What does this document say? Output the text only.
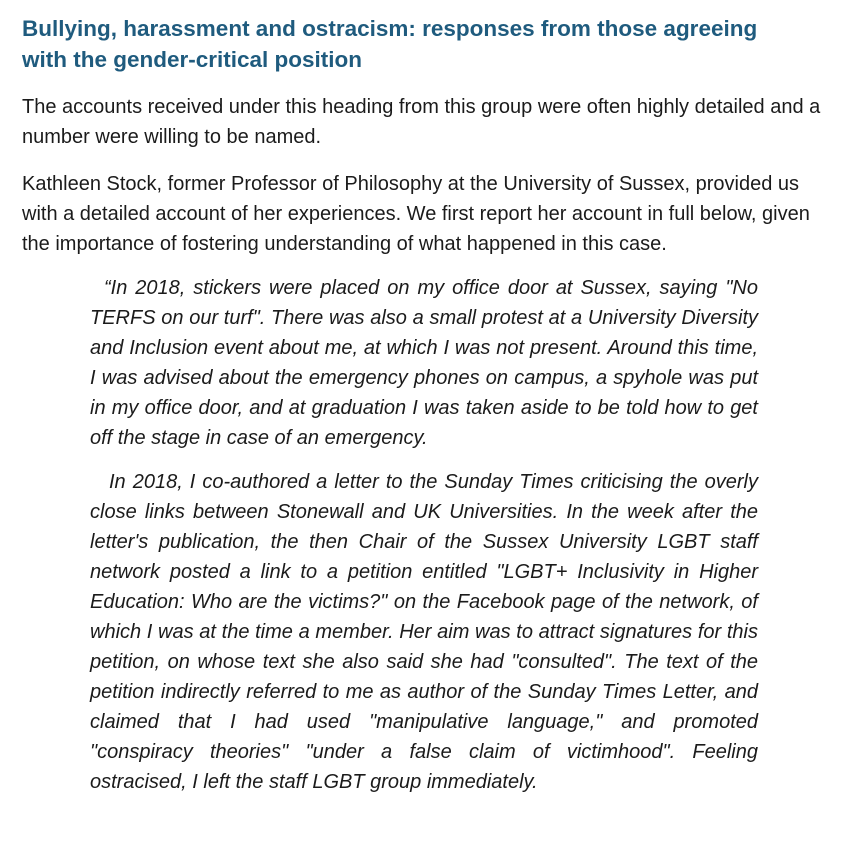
Bullying, harassment and ostracism: responses from those agreeing with the gender-critical position

The accounts received under this heading from this group were often highly detailed and a number were willing to be named.

Kathleen Stock, former Professor of Philosophy at the University of Sussex, provided us with a detailed account of her experiences. We first report her account in full below, given the importance of fostering understanding of what happened in this case.

“In 2018, stickers were placed on my office door at Sussex, saying "No TERFS on our turf". There was also a small protest at a University Diversity and Inclusion event about me, at which I was not present. Around this time, I was advised about the emergency phones on campus, a spyhole was put in my office door, and at graduation I was taken aside to be told how to get off the stage in case of an emergency.

In 2018, I co-authored a letter to the Sunday Times criticising the overly close links between Stonewall and UK Universities. In the week after the letter's publication, the then Chair of the Sussex University LGBT staff network posted a link to a petition entitled "LGBT+ Inclusivity in Higher Education: Who are the victims?" on the Facebook page of the network, of which I was at the time a member. Her aim was to attract signatures for this petition, on whose text she also said she had "consulted". The text of the petition indirectly referred to me as author of the Sunday Times Letter, and claimed that I had used "manipulative language," and promoted "conspiracy theories" "under a false claim of victimhood". Feeling ostracised, I left the staff LGBT group immediately.
